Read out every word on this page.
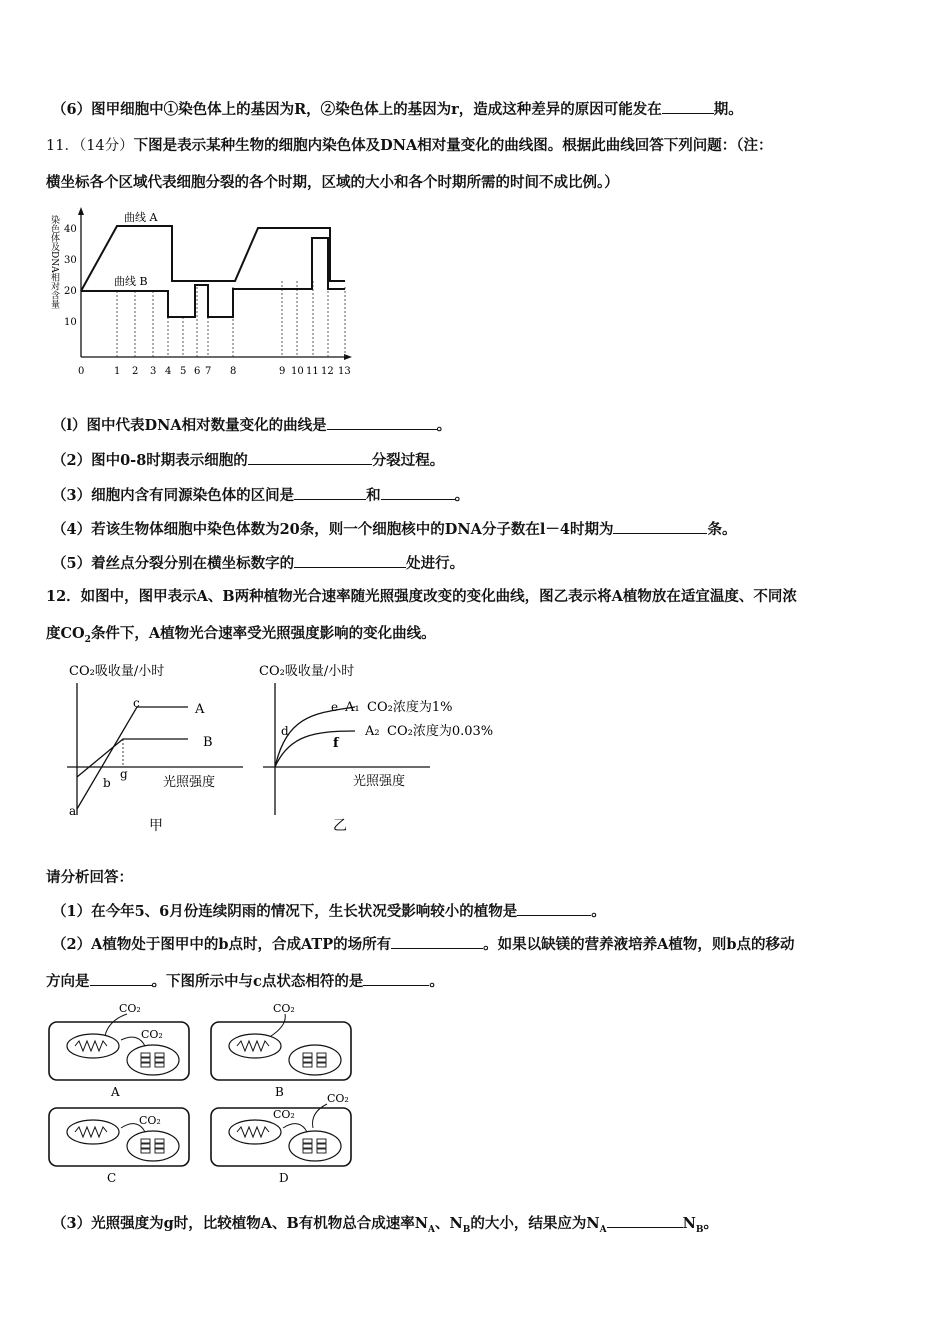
（6）图甲细胞中①染色体上的基因为R，②染色体上的基因为r，造成这种差异的原因可能发在	期。
11．（14分）下图是表示某种生物的细胞内染色体及DNA相对量变化的曲线图。根据此曲线回答下列问题：（注：
横坐标各个区域代表细胞分裂的各个时期，区域的大小和各个时期所需的时间不成比例。）
染色体及DNA相对含量
10
20
30
40
曲线 A
曲线 B
0	1 2 3 4 5 6 7 8	9 10 11 12 13
（l）图中代表DNA相对数量变化的曲线是	。
（2）图中0-8时期表示细胞的	分裂过程。
（3）细胞内含有同源染色体的区间是	和	。
（4）若该生物体细胞中染色体数为20条，则一个细胞核中的DNA分子数在l－4时期为	条。
（5）着丝点分裂分别在横坐标数字的	处进行。
12．如图中，图甲表示A、B两种植物光合速率随光照强度改变的变化曲线，图乙表示将A植物放在适宜温度、不同浓
度$CO_2$条件下，A植物光合速率受光照强度影响的变化曲线。
CO₂吸收量/小时
A
B
c
g
b
a
光照强度
甲
CO₂吸收量/小时
d
e
f
A₁ CO₂浓度为1%
A₂ CO₂浓度为0.03%
光照强度
乙
请分析回答：
（1）在今年5、6月份连续阴雨的情况下，生长状况受影响较小的植物是	。
（2）A植物处于图甲中的b点时，合成ATP的场所有	。如果以缺镁的营养液培养A植物，则b点的移动
方向是	。下图所示中与c点状态相符的是	。
CO₂
CO₂
A
CO₂
B
CO₂
C
CO₂
CO₂
D
（3）光照强度为g时，比较植物A、B有机物总合成速率$N_A$、$N_B$的大小，结果应为$N_A$	$N_B$。
